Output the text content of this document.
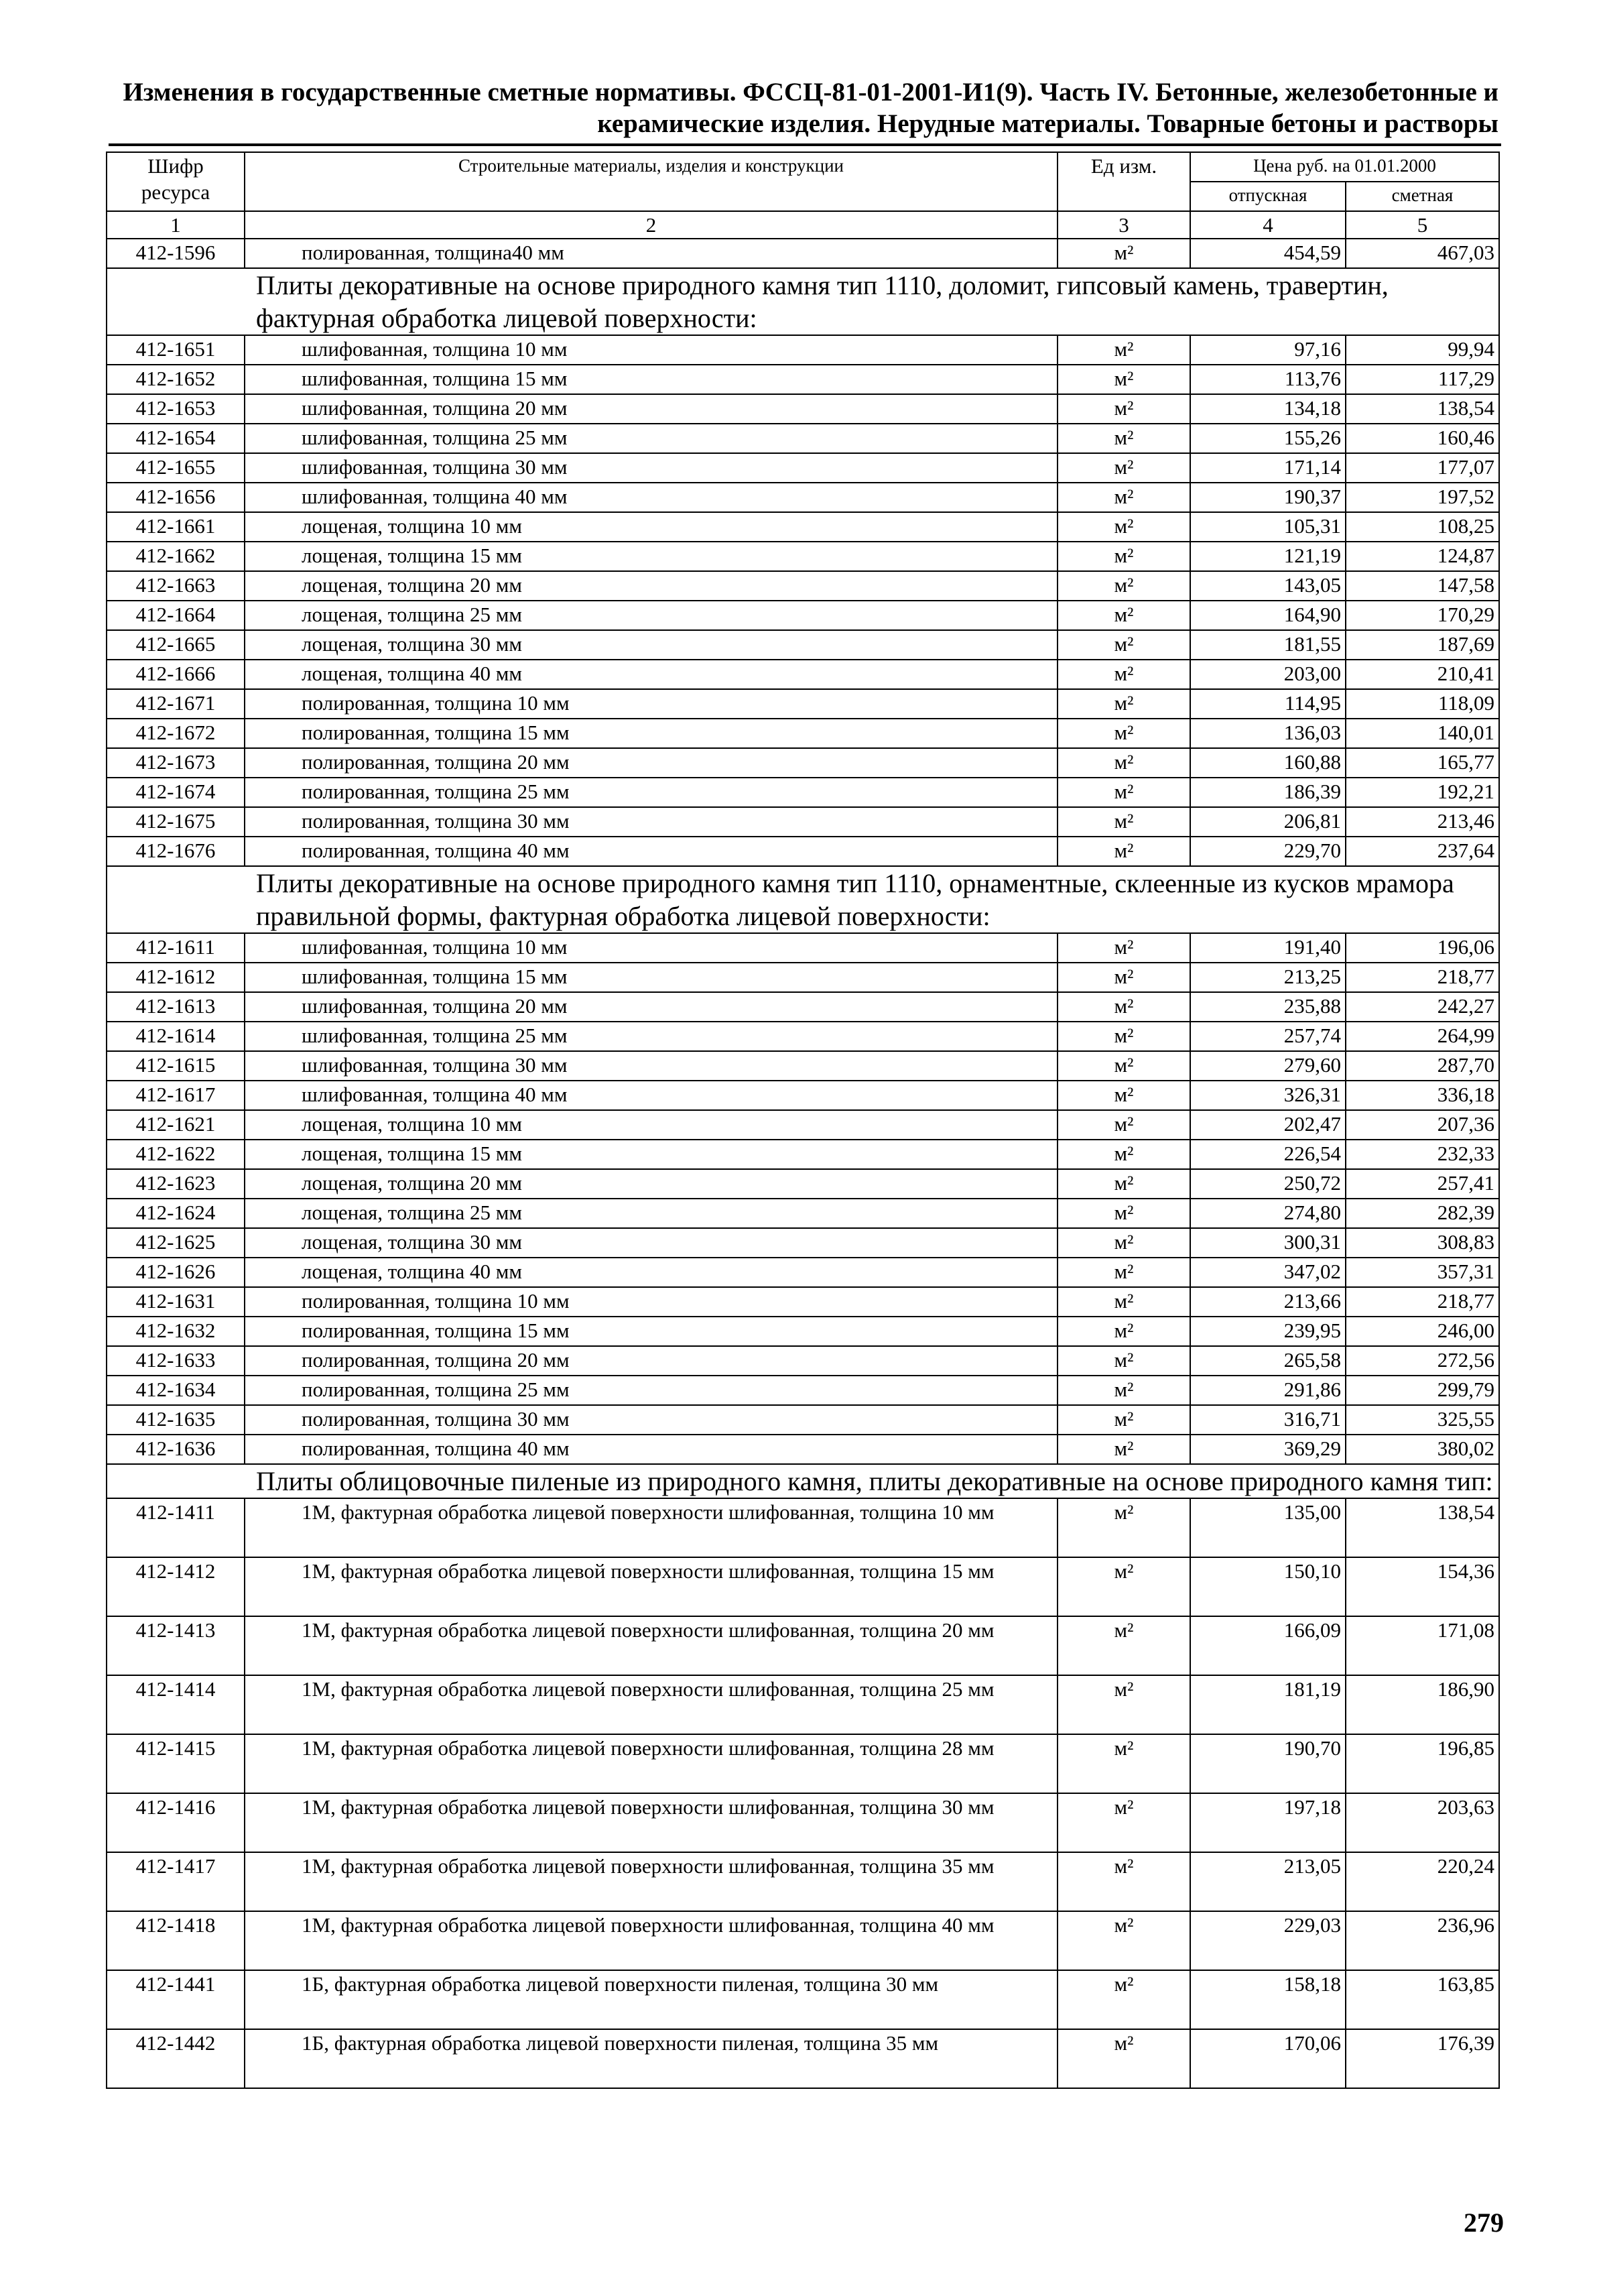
Изменения в государственные сметные нормативы. ФССЦ-81-01-2001-И1(9). Часть IV. Бетонные, железобетонные и
керамические изделия. Нерудные материалы. Товарные бетоны и растворы
Шифр ресурса	Строительные материалы, изделия и конструкции	Ед изм.	Цена руб. на 01.01.2000	
			отпускная	сметная
1	2	3	4	5
412-1596	полированная, толщина40 мм	м²	454,59	467,03
Плиты декоративные на основе природного камня тип 1110, доломит, гипсовый камень, травертин, фактурная обработка лицевой поверхности:				
412-1651	шлифованная, толщина 10 мм	м²	97,16	99,94
412-1652	шлифованная, толщина 15 мм	м²	113,76	117,29
412-1653	шлифованная, толщина 20 мм	м²	134,18	138,54
412-1654	шлифованная, толщина 25 мм	м²	155,26	160,46
412-1655	шлифованная, толщина 30 мм	м²	171,14	177,07
412-1656	шлифованная, толщина 40 мм	м²	190,37	197,52
412-1661	лощеная, толщина 10 мм	м²	105,31	108,25
412-1662	лощеная, толщина 15 мм	м²	121,19	124,87
412-1663	лощеная, толщина 20 мм	м²	143,05	147,58
412-1664	лощеная, толщина 25 мм	м²	164,90	170,29
412-1665	лощеная, толщина 30 мм	м²	181,55	187,69
412-1666	лощеная, толщина 40 мм	м²	203,00	210,41
412-1671	полированная, толщина 10 мм	м²	114,95	118,09
412-1672	полированная, толщина 15 мм	м²	136,03	140,01
412-1673	полированная, толщина 20 мм	м²	160,88	165,77
412-1674	полированная, толщина 25 мм	м²	186,39	192,21
412-1675	полированная, толщина 30 мм	м²	206,81	213,46
412-1676	полированная, толщина 40 мм	м²	229,70	237,64
Плиты декоративные на основе природного камня тип 1110, орнаментные, склеенные из кусков мрамора правильной формы, фактурная обработка лицевой поверхности:				
412-1611	шлифованная, толщина 10 мм	м²	191,40	196,06
412-1612	шлифованная, толщина 15 мм	м²	213,25	218,77
412-1613	шлифованная, толщина 20 мм	м²	235,88	242,27
412-1614	шлифованная, толщина 25 мм	м²	257,74	264,99
412-1615	шлифованная, толщина 30 мм	м²	279,60	287,70
412-1617	шлифованная, толщина 40 мм	м²	326,31	336,18
412-1621	лощеная, толщина 10 мм	м²	202,47	207,36
412-1622	лощеная, толщина 15 мм	м²	226,54	232,33
412-1623	лощеная, толщина 20 мм	м²	250,72	257,41
412-1624	лощеная, толщина 25 мм	м²	274,80	282,39
412-1625	лощеная, толщина 30 мм	м²	300,31	308,83
412-1626	лощеная, толщина 40 мм	м²	347,02	357,31
412-1631	полированная, толщина 10 мм	м²	213,66	218,77
412-1632	полированная, толщина 15 мм	м²	239,95	246,00
412-1633	полированная, толщина 20 мм	м²	265,58	272,56
412-1634	полированная, толщина 25 мм	м²	291,86	299,79
412-1635	полированная, толщина 30 мм	м²	316,71	325,55
412-1636	полированная, толщина 40 мм	м²	369,29	380,02
Плиты облицовочные пиленые из природного камня, плиты декоративные на основе природного камня тип:				
412-1411	1М, фактурная обработка лицевой поверхности шлифованная, толщина 10 мм	м²	135,00	138,54
412-1412	1М, фактурная обработка лицевой поверхности шлифованная, толщина 15 мм	м²	150,10	154,36
412-1413	1М, фактурная обработка лицевой поверхности шлифованная, толщина 20 мм	м²	166,09	171,08
412-1414	1М, фактурная обработка лицевой поверхности шлифованная, толщина 25 мм	м²	181,19	186,90
412-1415	1М, фактурная обработка лицевой поверхности шлифованная, толщина 28 мм	м²	190,70	196,85
412-1416	1М, фактурная обработка лицевой поверхности шлифованная, толщина 30 мм	м²	197,18	203,63
412-1417	1М, фактурная обработка лицевой поверхности шлифованная, толщина 35 мм	м²	213,05	220,24
412-1418	1М, фактурная обработка лицевой поверхности шлифованная, толщина 40 мм	м²	229,03	236,96
412-1441	1Б, фактурная обработка лицевой поверхности пиленая, толщина 30 мм	м²	158,18	163,85
412-1442	1Б, фактурная обработка лицевой поверхности пиленая, толщина 35 мм	м²	170,06	176,39
279
